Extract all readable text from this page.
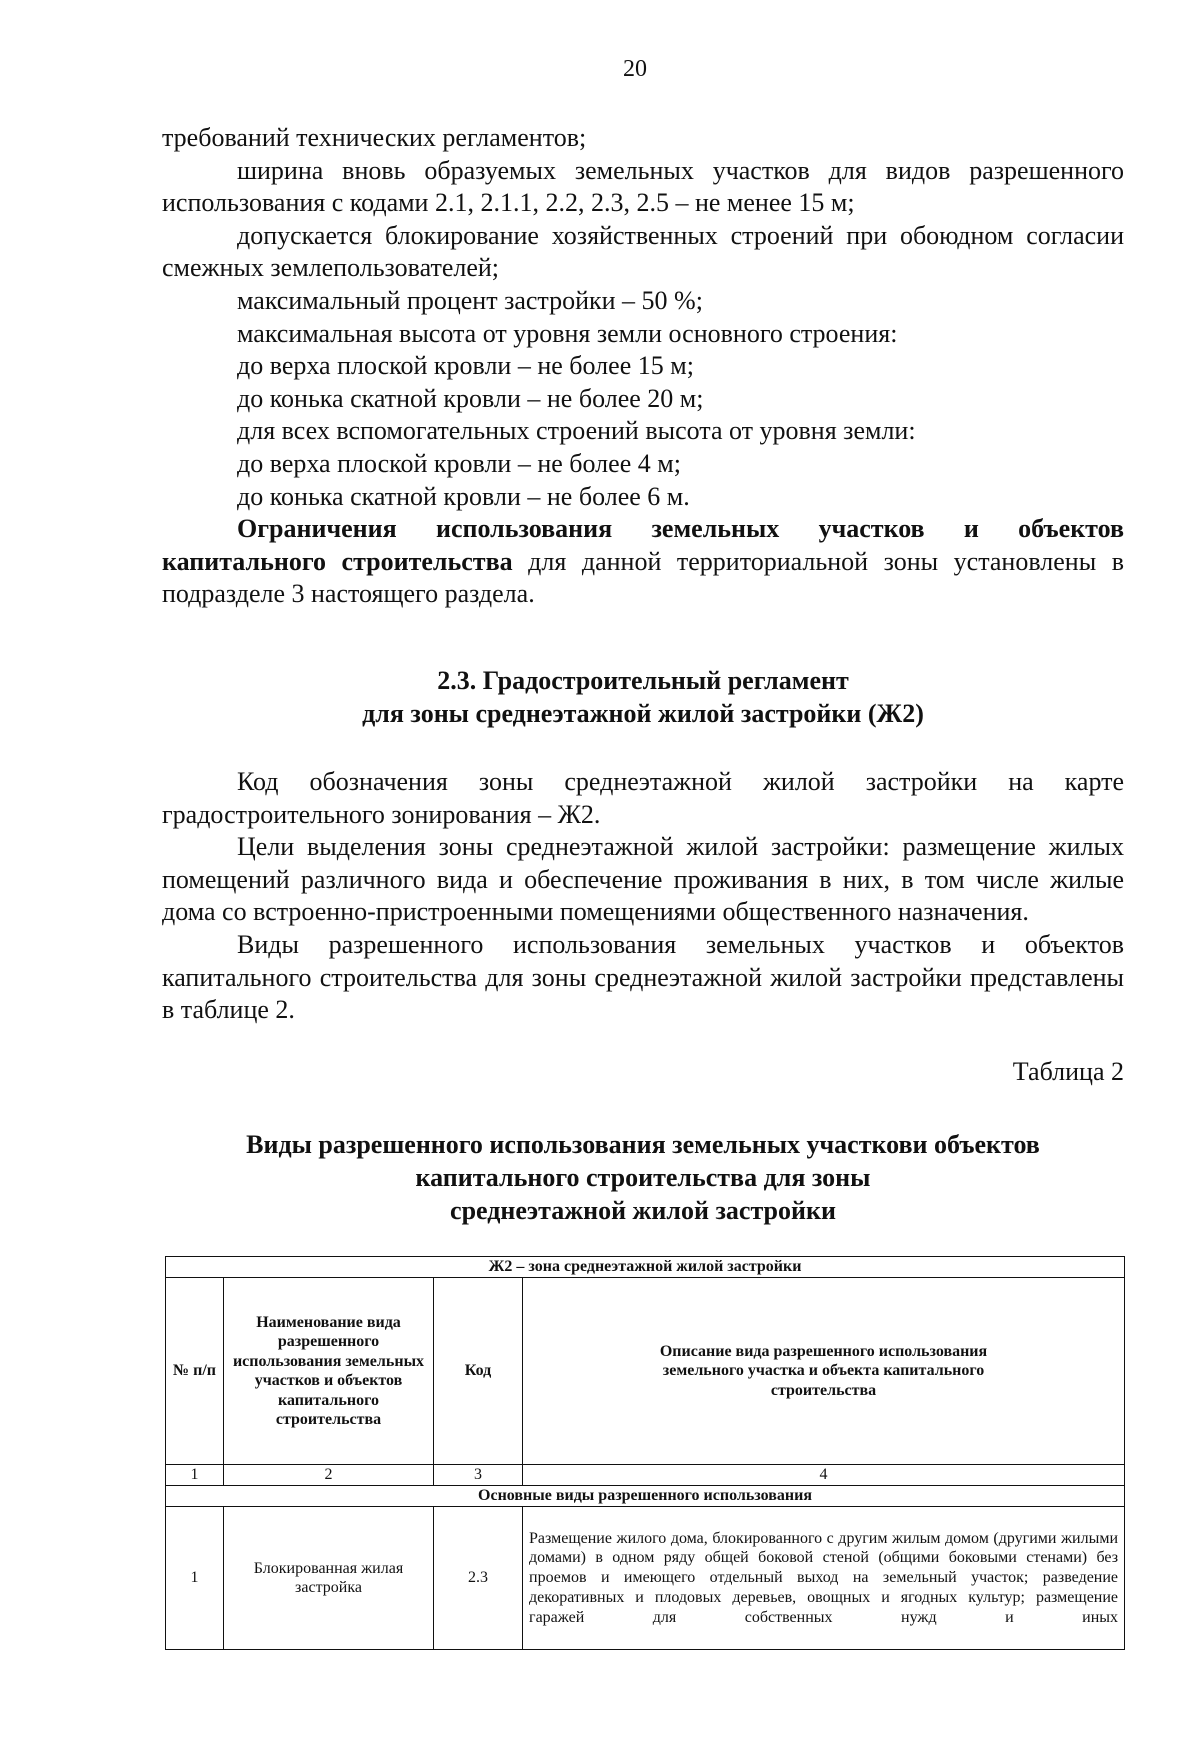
20

требований технических регламентов;

ширина вновь образуемых земельных участков для видов разрешенного использования с кодами 2.1, 2.1.1, 2.2, 2.3, 2.5 – не менее 15 м;

допускается блокирование хозяйственных строений при обоюдном согласии смежных землепользователей;

максимальный процент застройки – 50 %;

максимальная высота от уровня земли основного строения:

до верха плоской кровли – не более 15 м;

до конька скатной кровли – не более 20 м;

для всех вспомогательных строений высота от уровня земли:

до верха плоской кровли – не более 4 м;

до конька скатной кровли – не более 6 м.

Ограничения использования земельных участков и объектов капитального строительства для данной территориальной зоны установлены в подразделе 3 настоящего раздела.

2.3. Градостроительный регламент
для зоны среднеэтажной жилой застройки (Ж2)

Код обозначения зоны среднеэтажной жилой застройки на карте градостроительного зонирования – Ж2.

Цели выделения зоны среднеэтажной жилой застройки: размещение жилых помещений различного вида и обеспечение проживания в них, в том числе жилые дома со встроенно-пристроенными помещениями общественного назначения.

Виды разрешенного использования земельных участков и объектов капитального строительства для зоны среднеэтажной жилой застройки представлены в таблице 2.

Таблица 2
Виды разрешенного использования земельных участкови объектов
капитального строительства для зоны
среднеэтажной жилой застройки
Ж2 – зона среднеэтажной жилой застройки			
№ п/п	Наименование вида разрешенного использования земельных участков и объектов капитального строительства	Код	Описание вида разрешенного использования земельного участка и объекта капитального строительства
1	2	3	4
Основные виды разрешенного использования			
1	Блокированная жилая застройка	2.3	Размещение жилого дома, блокированного с другим жилым домом (другими жилыми домами) в одном ряду общей боковой стеной (общими боковыми стенами) без проемов и имеющего отдельный выход на земельный участок; разведение декоративных и плодовых деревьев, овощных и ягодных культур; размещение гаражей для собственных нужд и иных
